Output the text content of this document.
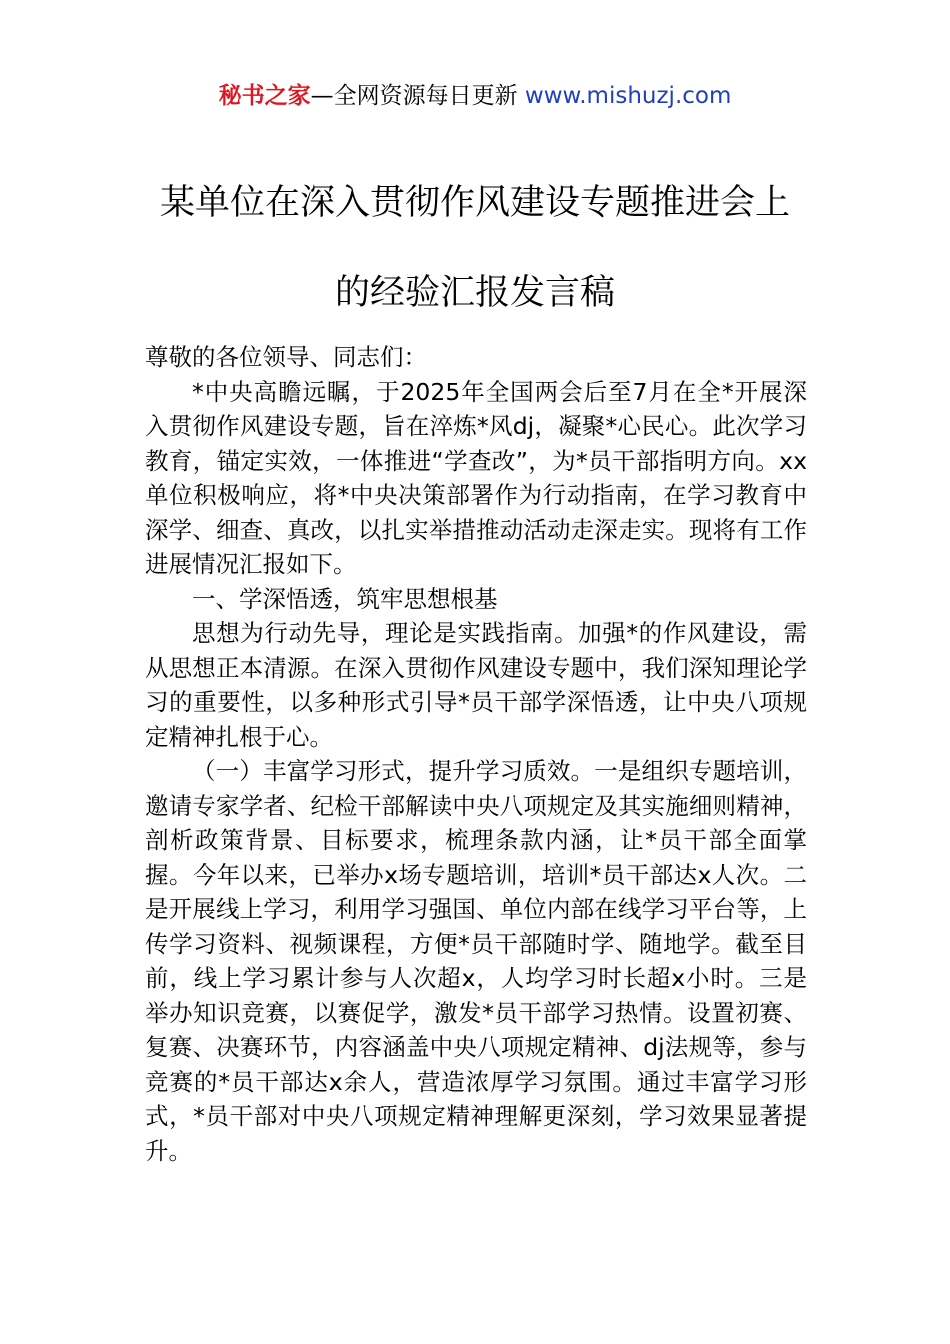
秘书之家—全网资源每日更新 www.mishuzj.com
某单位在深入贯彻作风建设专题推进会上
的经验汇报发言稿

尊敬的各位领导、同志们：

*中央高瞻远瞩，于2025年全国两会后至7月在全*开展深入贯彻作风建设专题，旨在淬炼*风dj，凝聚*心民心。此次学习教育，锚定实效，一体推进“学查改”，为*员干部指明方向。xx单位积极响应，将*中央决策部署作为行动指南，在学习教育中深学、细查、真改，以扎实举措推动活动走深走实。现将有工作进展情况汇报如下。

一、学深悟透，筑牢思想根基

思想为行动先导，理论是实践指南。加强*的作风建设，需从思想正本清源。在深入贯彻作风建设专题中，我们深知理论学习的重要性，以多种形式引导*员干部学深悟透，让中央八项规定精神扎根于心。

（一）丰富学习形式，提升学习质效。一是组织专题培训，邀请专家学者、纪检干部解读中央八项规定及其实施细则精神，剖析政策背景、目标要求，梳理条款内涵，让*员干部全面掌握。今年以来，已举办x场专题培训，培训*员干部达x人次。二是开展线上学习，利用学习强国、单位内部在线学习平台等，上传学习资料、视频课程，方便*员干部随时学、随地学。截至目前，线上学习累计参与人次超x，人均学习时长超x小时。三是举办知识竞赛，以赛促学，激发*员干部学习热情。设置初赛、复赛、决赛环节，内容涵盖中央八项规定精神、dj法规等，参与竞赛的*员干部达x余人，营造浓厚学习氛围。通过丰富学习形式，*员干部对中央八项规定精神理解更深刻，学习效果显著提升。
